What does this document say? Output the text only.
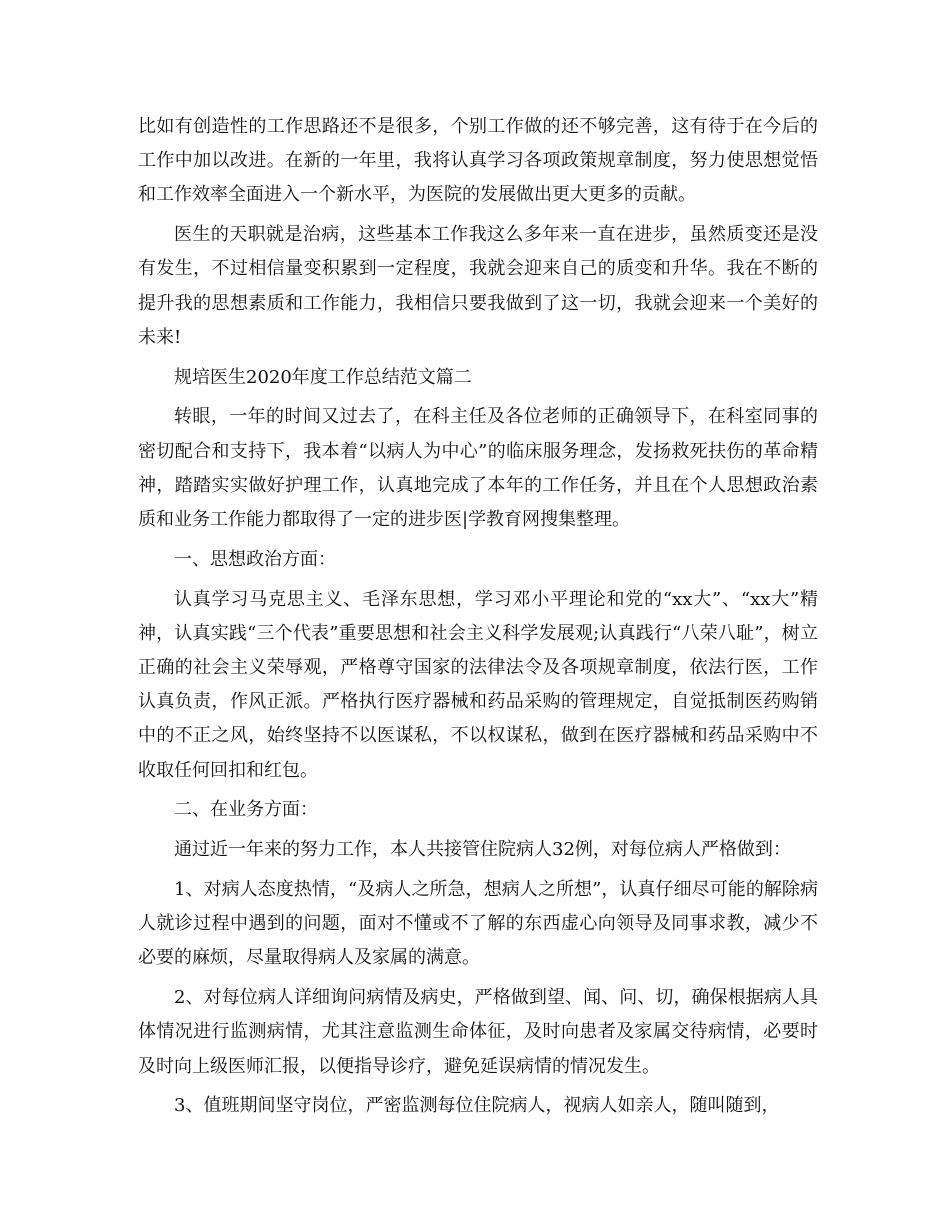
比如有创造性的工作思路还不是很多，个别工作做的还不够完善，这有待于在今后的工作中加以改进。在新的一年里，我将认真学习各项政策规章制度，努力使思想觉悟和工作效率全面进入一个新水平，为医院的发展做出更大更多的贡献。

医生的天职就是治病，这些基本工作我这么多年来一直在进步，虽然质变还是没有发生，不过相信量变积累到一定程度，我就会迎来自己的质变和升华。我在不断的提升我的思想素质和工作能力，我相信只要我做到了这一切，我就会迎来一个美好的未来!

规培医生2020年度工作总结范文篇二

转眼，一年的时间又过去了，在科主任及各位老师的正确领导下，在科室同事的密切配合和支持下，我本着“以病人为中心”的临床服务理念，发扬救死扶伤的革命精神，踏踏实实做好护理工作，认真地完成了本年的工作任务，并且在个人思想政治素质和业务工作能力都取得了一定的进步医|学教育网搜集整理。

一、思想政治方面：

认真学习马克思主义、毛泽东思想，学习邓小平理论和党的“xx大”、“xx大”精神，认真实践“三个代表”重要思想和社会主义科学发展观;认真践行“八荣八耻”，树立正确的社会主义荣辱观，严格尊守国家的法律法令及各项规章制度，依法行医，工作认真负责，作风正派。严格执行医疗器械和药品采购的管理规定，自觉抵制医药购销中的不正之风，始终坚持不以医谋私，不以权谋私，做到在医疗器械和药品采购中不收取任何回扣和红包。

二、在业务方面：

通过近一年来的努力工作，本人共接管住院病人32例，对每位病人严格做到：

1、对病人态度热情，“及病人之所急，想病人之所想”，认真仔细尽可能的解除病人就诊过程中遇到的问题，面对不懂或不了解的东西虚心向领导及同事求教，减少不必要的麻烦，尽量取得病人及家属的满意。

2、对每位病人详细询问病情及病史，严格做到望、闻、问、切，确保根据病人具体情况进行监测病情，尤其注意监测生命体征，及时向患者及家属交待病情，必要时及时向上级医师汇报，以便指导诊疗，避免延误病情的情况发生。

3、值班期间坚守岗位，严密监测每位住院病人，视病人如亲人，随叫随到，
